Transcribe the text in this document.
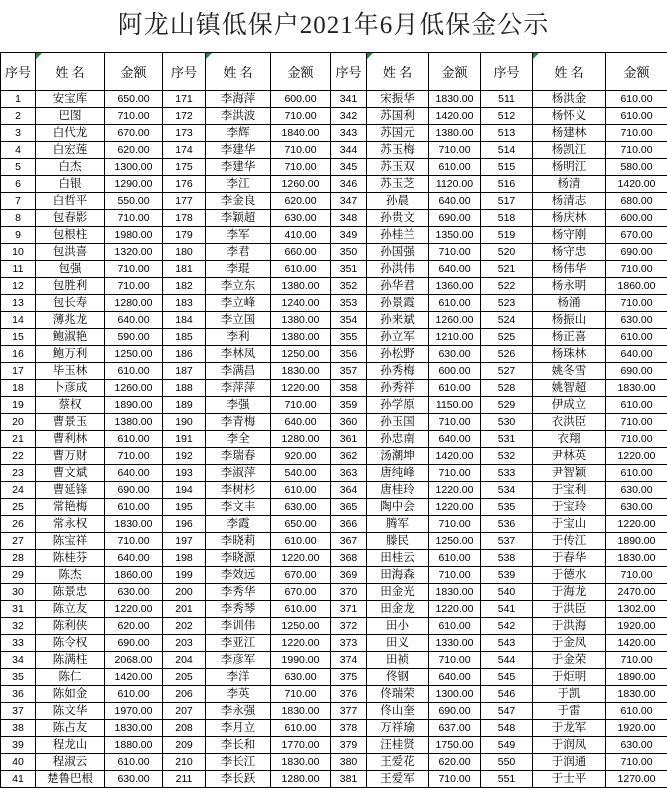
阿龙山镇低保户2021年6月低保金公示
序号	姓 名	金额	序号	姓 名	金额	序号	姓 名	金额	序号	姓 名	金额
1	安宝库	650.00	171	李海萍	600.00	341	宋振华	1830.00	511	杨洪金	610.00
2	巴图	710.00	172	李洪波	710.00	342	苏国利	1420.00	512	杨怀义	610.00
3	白代龙	670.00	173	李辉	1840.00	343	苏国元	1380.00	513	杨建林	710.00
4	白宏莲	620.00	174	李建华	710.00	344	苏玉梅	710.00	514	杨凯江	710.00
5	白杰	1300.00	175	李建华	710.00	345	苏玉双	610.00	515	杨明江	580.00
6	白银	1290.00	176	李江	1260.00	346	苏玉芝	1120.00	516	杨清	1420.00
7	白哲平	550.00	177	李金良	620.00	347	孙晨	640.00	517	杨清志	680.00
8	包春影	710.00	178	李颖超	630.00	348	孙贵文	690.00	518	杨庆林	600.00
9	包根柱	1980.00	179	李军	410.00	349	孙桂兰	1350.00	519	杨守刚	670.00
10	包洪喜	1320.00	180	李君	660.00	350	孙国强	710.00	520	杨守忠	690.00
11	包强	710.00	181	李琨	610.00	351	孙洪伟	640.00	521	杨伟华	710.00
12	包胜利	710.00	182	李立东	1380.00	352	孙华君	1360.00	522	杨永明	1860.00
13	包长寿	1280.00	183	李立峰	1240.00	353	孙景霞	610.00	523	杨涌	710.00
14	薄兆龙	640.00	184	李立国	1380.00	354	孙来斌	1260.00	524	杨振山	630.00
15	鲍淑艳	590.00	185	李利	1380.00	355	孙立军	1210.00	525	杨正喜	610.00
16	鲍万利	1250.00	186	李林凤	1250.00	356	孙松野	630.00	526	杨珠林	640.00
17	毕玉林	610.00	187	李满昌	1830.00	357	孙秀梅	600.00	527	姚冬雪	690.00
18	卜彦成	1260.00	188	李萍萍	1220.00	358	孙秀祥	610.00	528	姚智超	1830.00
19	蔡权	1890.00	189	李强	710.00	359	孙学原	1150.00	529	伊成立	610.00
20	曹景玉	1380.00	190	李青梅	640.00	360	孙玉国	710.00	530	衣洪臣	710.00
21	曹利林	610.00	191	李全	1280.00	361	孙忠南	640.00	531	衣翔	710.00
22	曹万财	710.00	192	李瑞春	920.00	362	汤潮坤	1420.00	532	尹林英	1220.00
23	曹文斌	640.00	193	李淑萍	540.00	363	唐纯峰	710.00	533	尹智颖	610.00
24	曹延锋	690.00	194	李树杉	610.00	364	唐桂玲	1220.00	534	于宝利	630.00
25	常艳梅	610.00	195	李文丰	630.00	365	陶中会	1220.00	535	于宝玲	630.00
26	常永权	1830.00	196	李霞	650.00	366	腾军	710.00	536	于宝山	1220.00
27	陈宝祥	710.00	197	李晓莉	610.00	367	滕民	1250.00	537	于传江	1890.00
28	陈桂芬	640.00	198	李晓源	1220.00	368	田桂云	610.00	538	于春华	1830.00
29	陈杰	1860.00	199	李效远	670.00	369	田海森	710.00	539	于德水	710.00
30	陈景忠	630.00	200	李秀华	670.00	370	田金光	1830.00	540	于海龙	2470.00
31	陈立友	1220.00	201	李秀琴	610.00	371	田金龙	1220.00	541	于洪臣	1302.00
32	陈利侠	620.00	202	李训伟	1250.00	372	田小	610.00	542	于洪海	1920.00
33	陈令权	690.00	203	李亚江	1220.00	373	田义	1330.00	543	于金凤	1420.00
34	陈满柱	2068.00	204	李彦军	1990.00	374	田祯	710.00	544	于金荣	710.00
35	陈仁	1420.00	205	李洋	630.00	375	佟钢	640.00	545	于炬明	1890.00
36	陈如金	610.00	206	李英	710.00	376	佟瑞荣	1300.00	546	于凯	1830.00
37	陈文华	1970.00	207	李永强	1830.00	377	佟山奎	690.00	547	于雷	610.00
38	陈占友	1830.00	208	李月立	610.00	378	万祥瑜	637.00	548	于龙军	1920.00
39	程龙山	1880.00	209	李长和	1770.00	379	汪桂贤	1750.00	549	于润凤	630.00
40	程淑云	610.00	210	李长江	1830.00	380	王爱花	620.00	550	于润通	710.00
41	楚鲁巴根	630.00	211	李长跃	1280.00	381	王爱军	710.00	551	于士平	1270.00
